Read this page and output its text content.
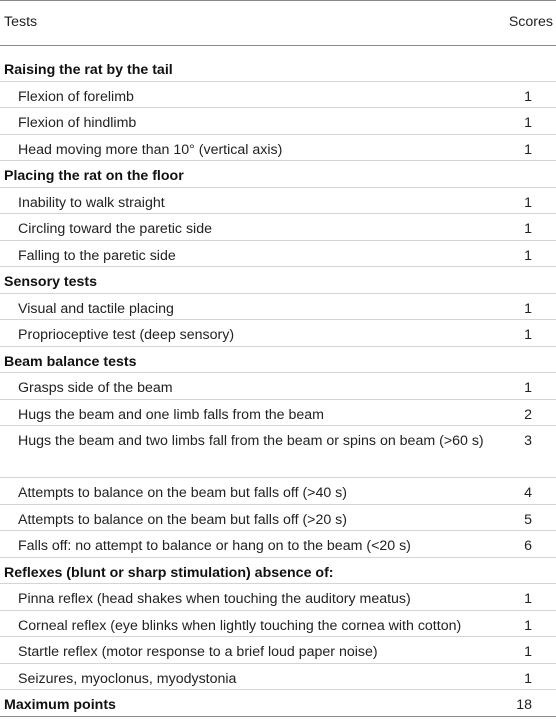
Tests	Scores
Raising the rat by the tail
Flexion of forelimb	1
Flexion of hindlimb	1
Head moving more than 10° (vertical axis)	1
Placing the rat on the floor
Inability to walk straight	1
Circling toward the paretic side	1
Falling to the paretic side	1
Sensory tests
Visual and tactile placing	1
Proprioceptive test (deep sensory)	1
Beam balance tests
Grasps side of the beam	1
Hugs the beam and one limb falls from the beam	2
Hugs the beam and two limbs fall from the beam or spins on beam (>60 s)	3
Attempts to balance on the beam but falls off (>40 s)	4
Attempts to balance on the beam but falls off (>20 s)	5
Falls off: no attempt to balance or hang on to the beam (<20 s)	6
Reflexes (blunt or sharp stimulation) absence of:
Pinna reflex (head shakes when touching the auditory meatus)	1
Corneal reflex (eye blinks when lightly touching the cornea with cotton)	1
Startle reflex (motor response to a brief loud paper noise)	1
Seizures, myoclonus, myodystonia	1
Maximum points	18
